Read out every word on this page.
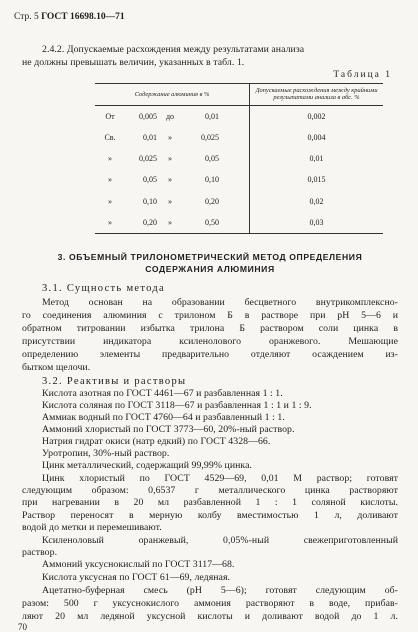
Стр. 5 ГОСТ 16698.10—71
2.4.2. Допускаемые расхождения между результатами анализа
не должны превышать величин, указанных в табл. 1.
Таблица 1
Содержание алюминия в %	Допускаемые расхождения между крайними результатами анализа в абс. %

От 0,005 до 0,01	0,002

Св. 0,01 » 0,025	0,004

» 0,025 » 0,05	0,01

» 0,05 » 0,10	0,015

» 0,10 » 0,20	0,02

» 0,20 » 0,50	0,03
3. ОБЪЕМНЫЙ ТРИЛОНОМЕТРИЧЕСКИЙ МЕТОД ОПРЕДЕЛЕНИЯ
СОДЕРЖАНИЯ АЛЮМИНИЯ
3.1. Сущность метода
Метод основан на образовании бесцветного внутрикомплексно-
го соединения алюминия с трилоном Б в растворе при pH 5—6 и
обратном титровании избытка трилона Б раствором соли цинка в
присутствии индикатора ксиленолового оранжевого. Мешающие
определению элементы предварительно отделяют осаждением из-
бытком щелочи.
3.2. Реактивы и растворы
Кислота азотная по ГОСТ 4461—67 и разбавленная 1 : 1.
Кислота соляная по ГОСТ 3118—67 и разбавленная 1 : 1 и 1 : 9.
Аммиак водный по ГОСТ 4760—64 и разбавленный 1 : 1.
Аммоний хлористый по ГОСТ 3773—60, 20%-ный раствор.
Натрия гидрат окиси (натр едкий) по ГОСТ 4328—66.
Уротропин, 30%-ный раствор.
Цинк металлический, содержащий 99,99% цинка.
Цинк хлористый по ГОСТ 4529—69, 0,01 М раствор; готовят
следующим образом: 0,6537 г металлического цинка растворяют
при нагревании в 20 мл разбавленной 1 : 1 соляной кислоты.
Раствор переносят в мерную колбу вместимостью 1 л, доливают
водой до метки и перемешивают.
Ксиленоловый оранжевый, 0,05%-ный свежеприготовленный
раствор.
Аммоний уксуснокислый по ГОСТ 3117—68.
Кислота уксусная по ГОСТ 61—69, ледяная.
Ацетатно-буферная смесь (pH 5—6); готовят следующим об-
разом: 500 г уксуснокислого аммония растворяют в воде, прибав-
ляют 20 мл ледяной уксусной кислоты и доливают водой до 1 л.
70
